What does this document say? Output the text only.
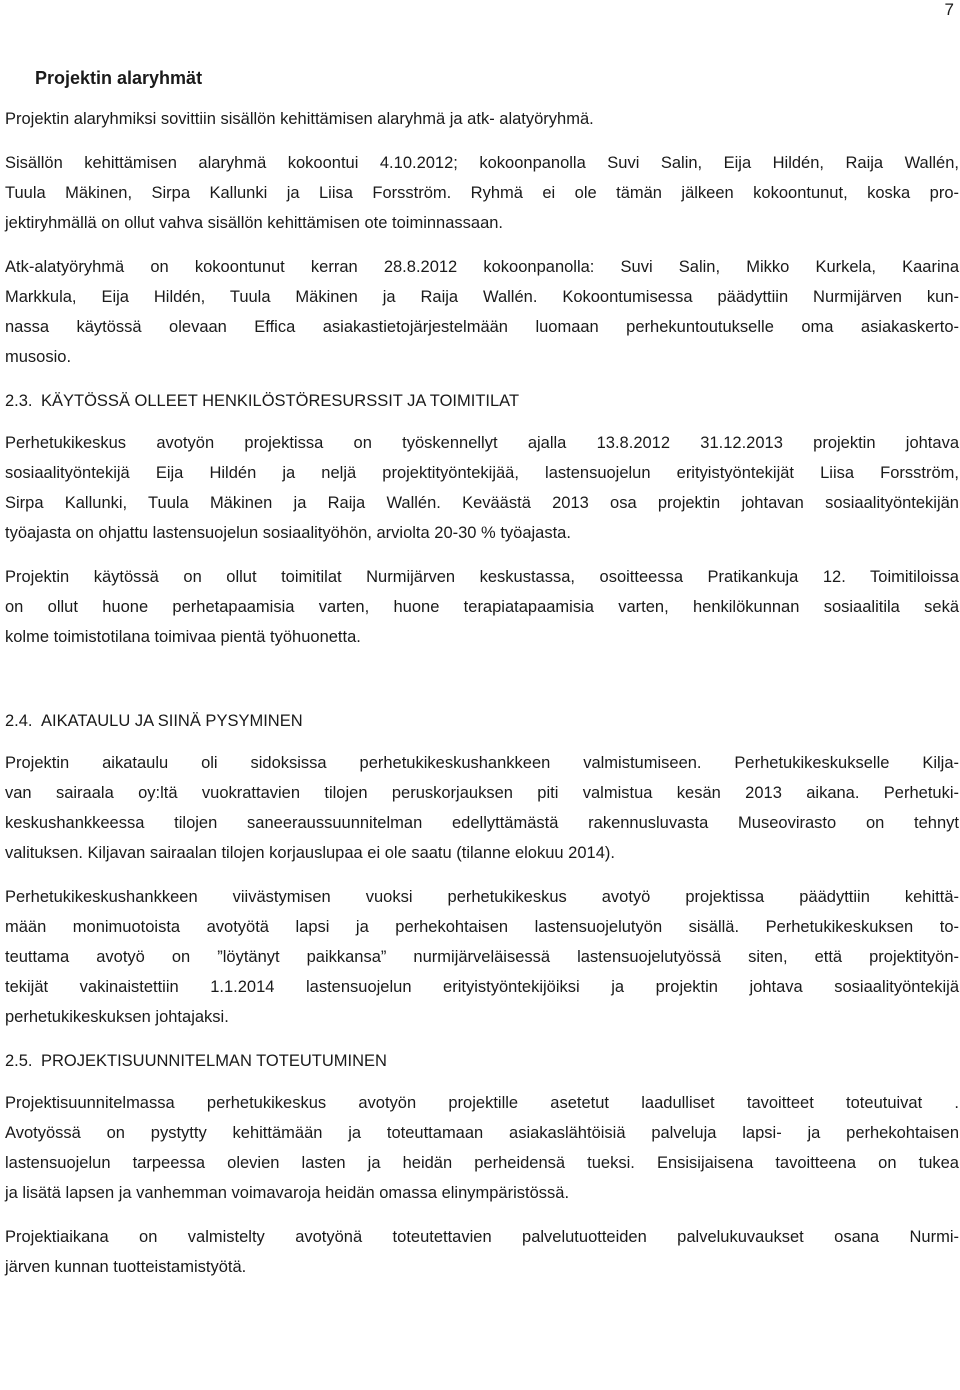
7
Projektin alaryhmät
Projektin alaryhmiksi sovittiin sisällön kehittämisen alaryhmä ja atk- alatyöryhmä.
Sisällön kehittämisen alaryhmä kokoontui 4.10.2012; kokoonpanolla Suvi Salin, Eija Hildén, Raija Wallén,
Tuula Mäkinen, Sirpa Kallunki ja Liisa Forsström. Ryhmä ei ole tämän jälkeen kokoontunut, koska pro-
jektiryhmällä on ollut vahva sisällön kehittämisen ote toiminnassaan.
Atk-alatyöryhmä on kokoontunut kerran 28.8.2012 kokoonpanolla: Suvi Salin, Mikko Kurkela, Kaarina
Markkula, Eija Hildén, Tuula Mäkinen ja Raija Wallén. Kokoontumisessa päädyttiin Nurmijärven kun-
nassa käytössä olevaan Effica asiakastietojärjestelmään luomaan perhekuntoutukselle oma asiakaskerto-
musosio.
2.3. KÄYTÖSSÄ OLLEET HENKILÖSTÖRESURSSIT JA TOIMITILAT
Perhetukikeskus avotyön projektissa on työskennellyt ajalla 13.8.2012 31.12.2013 projektin johtava
sosiaalityöntekijä Eija Hildén ja neljä projektityöntekijää, lastensuojelun erityistyöntekijät Liisa Forsström,
Sirpa Kallunki, Tuula Mäkinen ja Raija Wallén. Keväästä 2013 osa projektin johtavan sosiaalityöntekijän
työajasta on ohjattu lastensuojelun sosiaalityöhön, arviolta 20-30 % työajasta.
Projektin käytössä on ollut toimitilat Nurmijärven keskustassa, osoitteessa Pratikankuja 12. Toimitiloissa
on ollut huone perhetapaamisia varten, huone terapiatapaamisia varten, henkilökunnan sosiaalitila sekä
kolme toimistotilana toimivaa pientä työhuonetta.
2.4. AIKATAULU JA SIINÄ PYSYMINEN
Projektin aikataulu oli sidoksissa perhetukikeskushankkeen valmistumiseen. Perhetukikeskukselle Kilja-
van sairaala oy:ltä vuokrattavien tilojen peruskorjauksen piti valmistua kesän 2013 aikana. Perhetuki-
keskushankkeessa tilojen saneeraussuunnitelman edellyttämästä rakennusluvasta Museovirasto on tehnyt
valituksen. Kiljavan sairaalan tilojen korjauslupaa ei ole saatu (tilanne elokuu 2014).
Perhetukikeskushankkeen viivästymisen vuoksi perhetukikeskus avotyö projektissa päädyttiin kehittä-
mään monimuotoista avotyötä lapsi ja perhekohtaisen lastensuojelutyön sisällä. Perhetukikeskuksen to-
teuttama avotyö on ”löytänyt paikkansa” nurmijärveläisessä lastensuojelutyössä siten, että projektityön-
tekijät vakinaistettiin 1.1.2014 lastensuojelun erityistyöntekijöiksi ja projektin johtava sosiaalityöntekijä
perhetukikeskuksen johtajaksi.
2.5. PROJEKTISUUNNITELMAN TOTEUTUMINEN
Projektisuunnitelmassa perhetukikeskus avotyön projektille asetetut laadulliset tavoitteet toteutuivat .
Avotyössä on pystytty kehittämään ja toteuttamaan asiakaslähtöisiä palveluja lapsi- ja perhekohtaisen
lastensuojelun tarpeessa olevien lasten ja heidän perheidensä tueksi. Ensisijaisena tavoitteena on tukea
ja lisätä lapsen ja vanhemman voimavaroja heidän omassa elinympäristössä.
Projektiaikana on valmistelty avotyönä toteutettavien palvelutuotteiden palvelukuvaukset osana Nurmi-
järven kunnan tuotteistamistyötä.
